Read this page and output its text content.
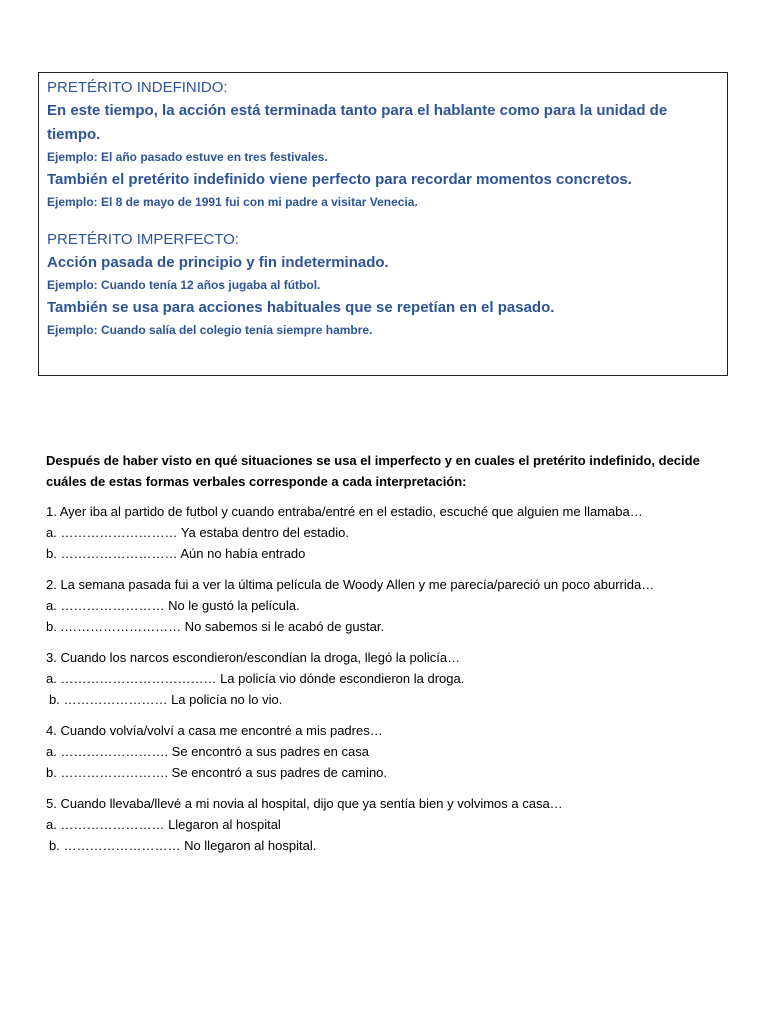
PRETÉRITO INDEFINIDO:

En este tiempo, la acción está terminada tanto para el hablante como para la unidad de tiempo.

Ejemplo: El año pasado estuve en tres festivales.

También el pretérito indefinido viene perfecto para recordar momentos concretos.

Ejemplo: El 8 de mayo de 1991 fui con mi padre a visitar Venecia.

PRETÉRITO IMPERFECTO:

Acción pasada de principio y fin indeterminado.

Ejemplo: Cuando tenía 12 años jugaba al fútbol.

También se usa para acciones habituales que se repetían en el pasado.

Ejemplo: Cuando salía del colegio tenía siempre hambre.

Después de haber visto en qué situaciones se usa el imperfecto y en cuales el pretérito indefinido, decide cuáles de estas formas verbales corresponde a cada interpretación:

1. Ayer iba al partido de futbol y cuando entraba/entré en el estadio, escuché que alguien me llamaba…

a. ……………………… Ya estaba dentro del estadio.

b. ……………………… Aún no había entrado

2. La semana pasada fui a ver la última película de Woody Allen y me parecía/pareció un poco aburrida…

a. …………………… No le gustó la película.

b. .……………………… No sabemos si le acabó de gustar.

3. Cuando los narcos escondieron/escondían la droga, llegó la policía…

a. ……………………………… La policía vio dónde escondieron la droga.

b. …………………… La policía no lo vio.

4. Cuando volvía/volví a casa me encontré a mis padres…

a. ……………………. Se encontró a sus padres en casa

b. ……………………. Se encontró a sus padres de camino.

5. Cuando llevaba/llevé a mi novia al hospital, dijo que ya sentía bien y volvimos a casa…

a. …………………… Llegaron al hospital

b. ……………………… No llegaron al hospital.
